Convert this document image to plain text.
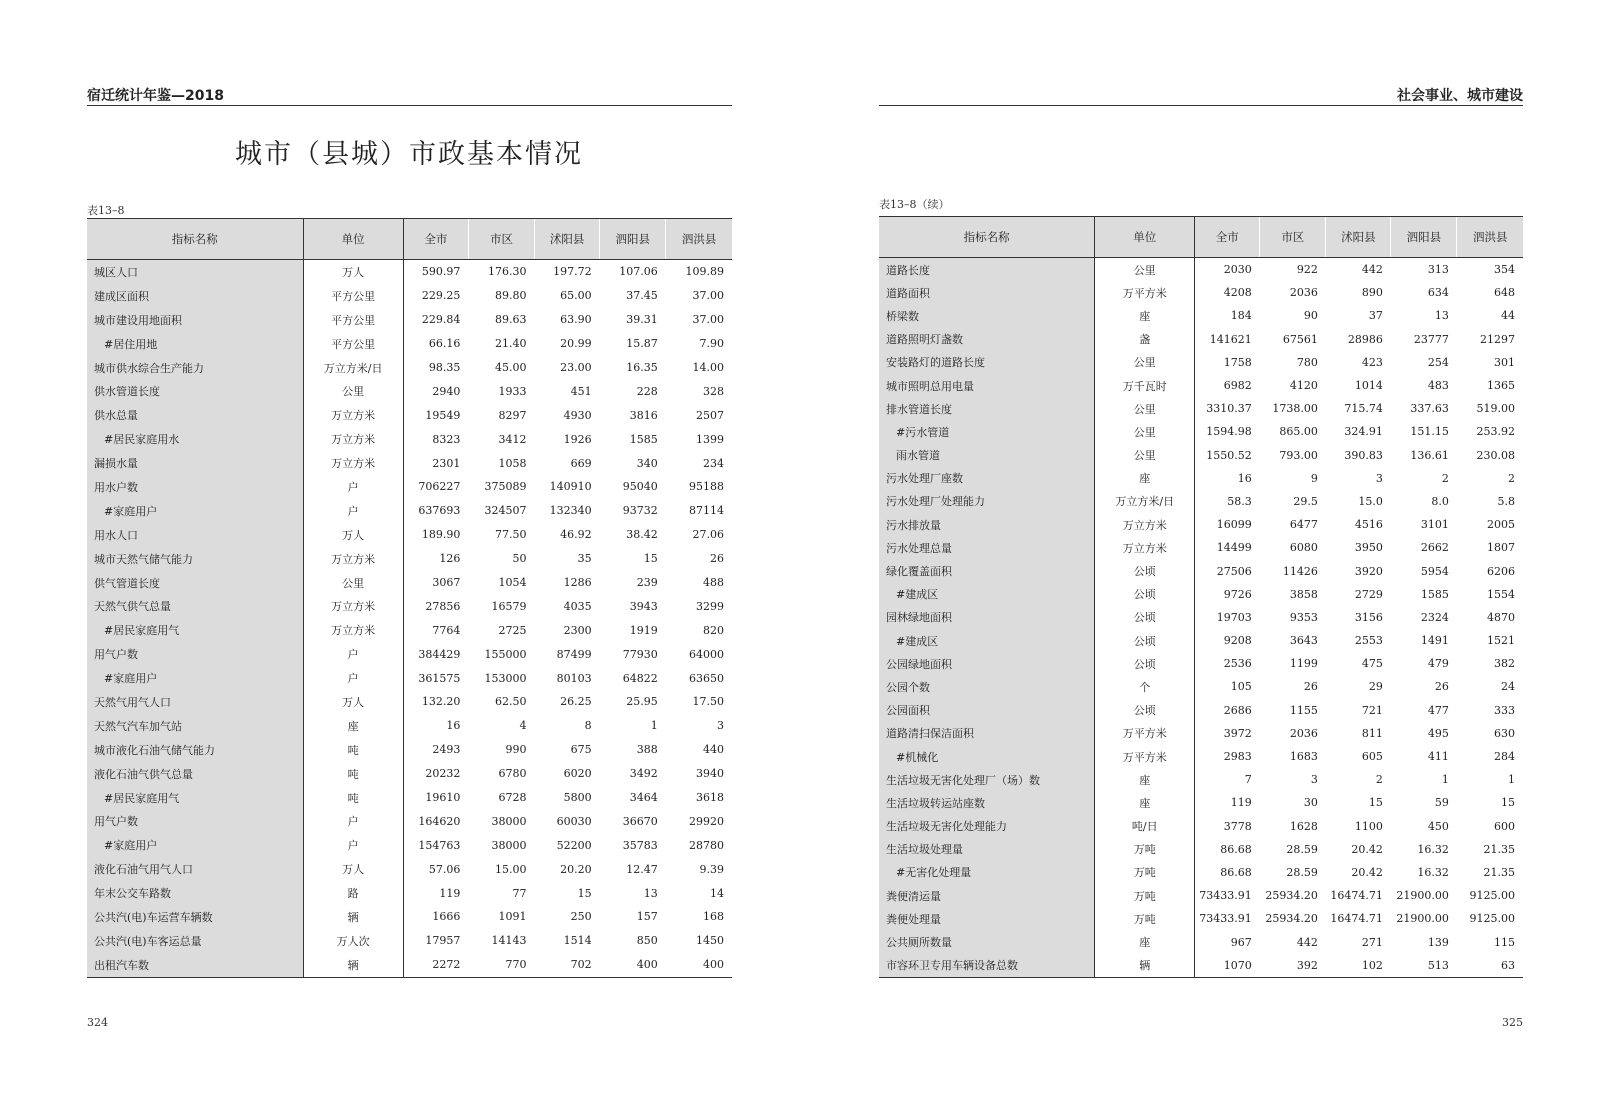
宿迁统计年鉴—2018
城市（县城）市政基本情况
表13–8
指标名称	单位	全市	市区	沭阳县	泗阳县	泗洪县
城区人口	万人	590.97	176.30	197.72	107.06	109.89
建成区面积	平方公里	229.25	89.80	65.00	37.45	37.00
城市建设用地面积	平方公里	229.84	89.63	63.90	39.31	37.00
#居住用地	平方公里	66.16	21.40	20.99	15.87	7.90
城市供水综合生产能力	万立方米/日	98.35	45.00	23.00	16.35	14.00
供水管道长度	公里	2940	1933	451	228	328
供水总量	万立方米	19549	8297	4930	3816	2507
#居民家庭用水	万立方米	8323	3412	1926	1585	1399
漏损水量	万立方米	2301	1058	669	340	234
用水户数	户	706227	375089	140910	95040	95188
#家庭用户	户	637693	324507	132340	93732	87114
用水人口	万人	189.90	77.50	46.92	38.42	27.06
城市天然气储气能力	万立方米	126	50	35	15	26
供气管道长度	公里	3067	1054	1286	239	488
天然气供气总量	万立方米	27856	16579	4035	3943	3299
#居民家庭用气	万立方米	7764	2725	2300	1919	820
用气户数	户	384429	155000	87499	77930	64000
#家庭用户	户	361575	153000	80103	64822	63650
天然气用气人口	万人	132.20	62.50	26.25	25.95	17.50
天然气汽车加气站	座	16	4	8	1	3
城市液化石油气储气能力	吨	2493	990	675	388	440
液化石油气供气总量	吨	20232	6780	6020	3492	3940
#居民家庭用气	吨	19610	6728	5800	3464	3618
用气户数	户	164620	38000	60030	36670	29920
#家庭用户	户	154763	38000	52200	35783	28780
液化石油气用气人口	万人	57.06	15.00	20.20	12.47	9.39
年末公交车路数	路	119	77	15	13	14
公共汽(电)车运营车辆数	辆	1666	1091	250	157	168
公共汽(电)车客运总量	万人次	17957	14143	1514	850	1450
出租汽车数	辆	2272	770	702	400	400
324
社会事业、城市建设
表13–8（续）
指标名称	单位	全市	市区	沭阳县	泗阳县	泗洪县
道路长度	公里	2030	922	442	313	354
道路面积	万平方米	4208	2036	890	634	648
桥梁数	座	184	90	37	13	44
道路照明灯盏数	盏	141621	67561	28986	23777	21297
安装路灯的道路长度	公里	1758	780	423	254	301
城市照明总用电量	万千瓦时	6982	4120	1014	483	1365
排水管道长度	公里	3310.37	1738.00	715.74	337.63	519.00
#污水管道	公里	1594.98	865.00	324.91	151.15	253.92
雨水管道	公里	1550.52	793.00	390.83	136.61	230.08
污水处理厂座数	座	16	9	3	2	2
污水处理厂处理能力	万立方米/日	58.3	29.5	15.0	8.0	5.8
污水排放量	万立方米	16099	6477	4516	3101	2005
污水处理总量	万立方米	14499	6080	3950	2662	1807
绿化覆盖面积	公顷	27506	11426	3920	5954	6206
#建成区	公顷	9726	3858	2729	1585	1554
园林绿地面积	公顷	19703	9353	3156	2324	4870
#建成区	公顷	9208	3643	2553	1491	1521
公园绿地面积	公顷	2536	1199	475	479	382
公园个数	个	105	26	29	26	24
公园面积	公顷	2686	1155	721	477	333
道路清扫保洁面积	万平方米	3972	2036	811	495	630
#机械化	万平方米	2983	1683	605	411	284
生活垃圾无害化处理厂（场）数	座	7	3	2	1	1
生活垃圾转运站座数	座	119	30	15	59	15
生活垃圾无害化处理能力	吨/日	3778	1628	1100	450	600
生活垃圾处理量	万吨	86.68	28.59	20.42	16.32	21.35
#无害化处理量	万吨	86.68	28.59	20.42	16.32	21.35
粪便清运量	万吨	73433.91	25934.20	16474.71	21900.00	9125.00
粪便处理量	万吨	73433.91	25934.20	16474.71	21900.00	9125.00
公共厕所数量	座	967	442	271	139	115
市容环卫专用车辆设备总数	辆	1070	392	102	513	63
325
